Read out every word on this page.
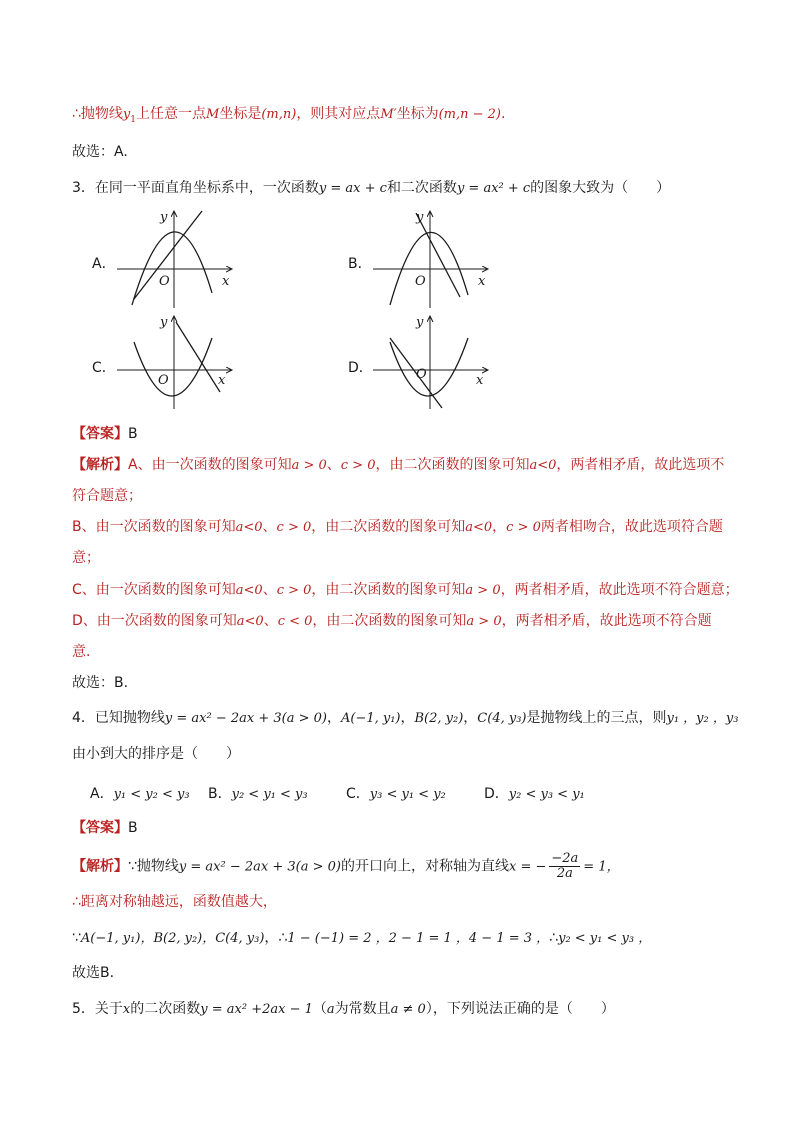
∴抛物线$y_1$上任意一点M坐标是(m,n)，则其对应点M′坐标为(m,n − 2).
故选：A.
3．在同一平面直角坐标系中，一次函数y = ax + c和二次函数y = ax² + c的图象大致为（　　）
A．
x
y
O
B．
x
y
O
C．
x
y
O
D．
x
y
O
【答案】B
【解析】A、由一次函数的图象可知a > 0、c > 0，由二次函数的图象可知a<0，两者相矛盾，故此选项不
符合题意；
B、由一次函数的图象可知a<0、c > 0，由二次函数的图象可知a<0，c > 0两者相吻合，故此选项符合题
意；
C、由一次函数的图象可知a<0、c > 0，由二次函数的图象可知a > 0，两者相矛盾，故此选项不符合题意；
D、由一次函数的图象可知a<0、c < 0，由二次函数的图象可知a > 0，两者相矛盾，故此选项不符合题
意.
故选：B.
4．已知抛物线y = ax² − 2ax + 3(a > 0)，A(−1, y₁)，B(2, y₂)，C(4, y₃)是抛物线上的三点，则y₁ ，y₂ ，y₃
由小到大的排序是（　　）
A．y₁ < y₂ < y₃ B．y₂ < y₁ < y₃	C．y₃ < y₁ < y₂	D．y₂ < y₃ < y₁
【答案】B
【解析】∵抛物线y = ax² − 2ax + 3(a > 0)的开口向上，对称轴为直线x = − $\frac{-2a}{2a} = 1$，
∴距离对称轴越远，函数值越大，
∵A(−1, y₁)，B(2, y₂)，C(4, y₃)，∴1 − (−1) = 2 ，2 − 1 = 1 ，4 − 1 = 3 ，∴y₂ < y₁ < y₃ ，
故选B.
5．关于x的二次函数y = ax² +2ax − 1（a为常数且a ≠ 0），下列说法正确的是（　　）
